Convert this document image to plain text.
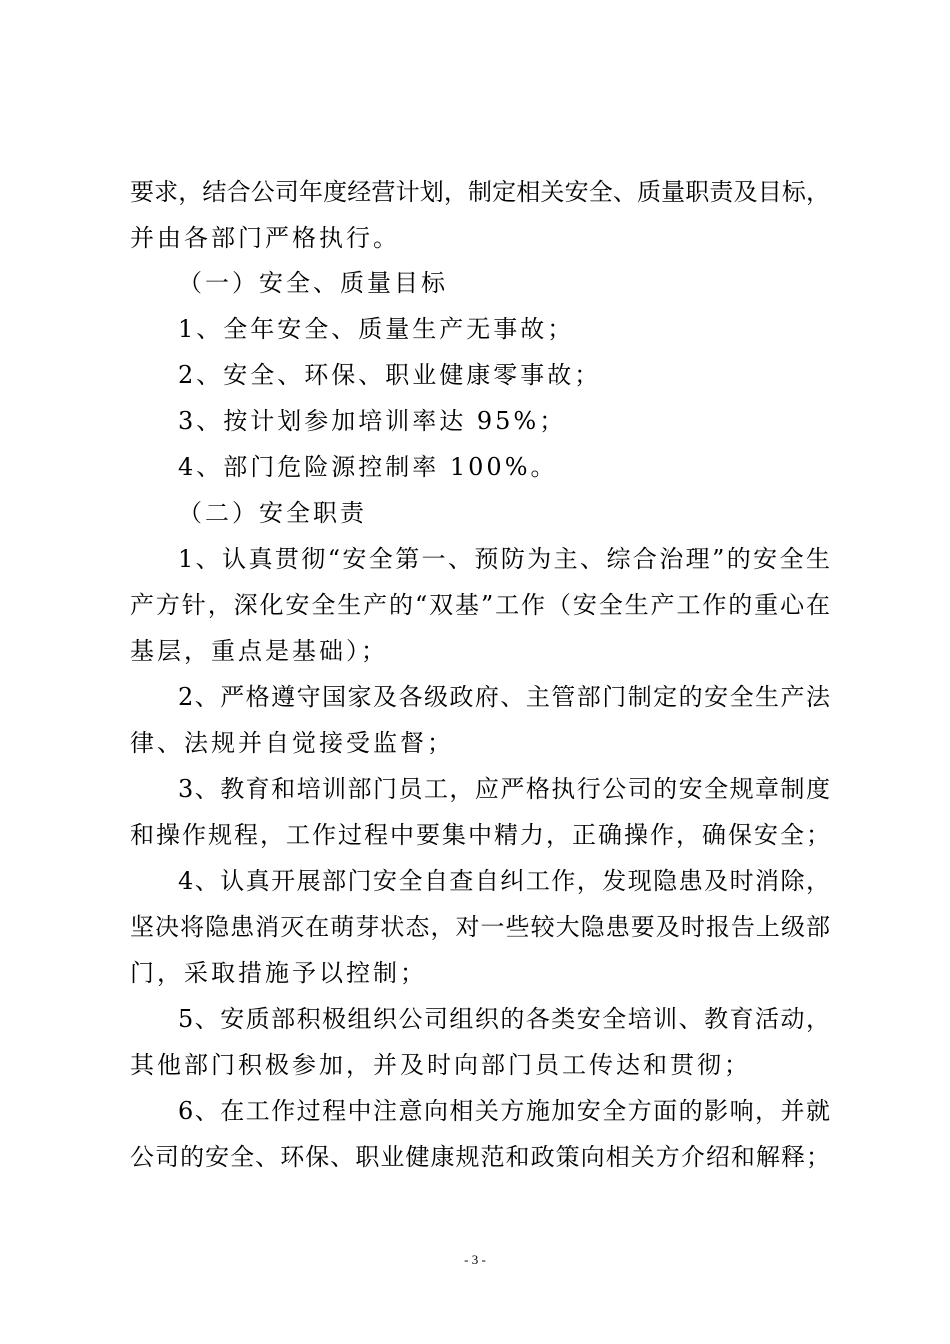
要求，结合公司年度经营计划，制定相关安全、质量职责及目标，
并由各部门严格执行。
（一）安全、质量目标
1、全年安全、质量生产无事故；
2、安全、环保、职业健康零事故；
3、按计划参加培训率达 95%；
4、部门危险源控制率 100%。
（二）安全职责
1、认真贯彻“安全第一、预防为主、综合治理”的安全生
产方针，深化安全生产的“双基”工作（安全生产工作的重心在
基层，重点是基础）；
2、严格遵守国家及各级政府、主管部门制定的安全生产法
律、法规并自觉接受监督；
3、教育和培训部门员工，应严格执行公司的安全规章制度
和操作规程，工作过程中要集中精力，正确操作，确保安全；
4、认真开展部门安全自查自纠工作，发现隐患及时消除，
坚决将隐患消灭在萌芽状态，对一些较大隐患要及时报告上级部
门，采取措施予以控制；
5、安质部积极组织公司组织的各类安全培训、教育活动，
其他部门积极参加，并及时向部门员工传达和贯彻；
6、在工作过程中注意向相关方施加安全方面的影响，并就
公司的安全、环保、职业健康规范和政策向相关方介绍和解释；
- 3 -
